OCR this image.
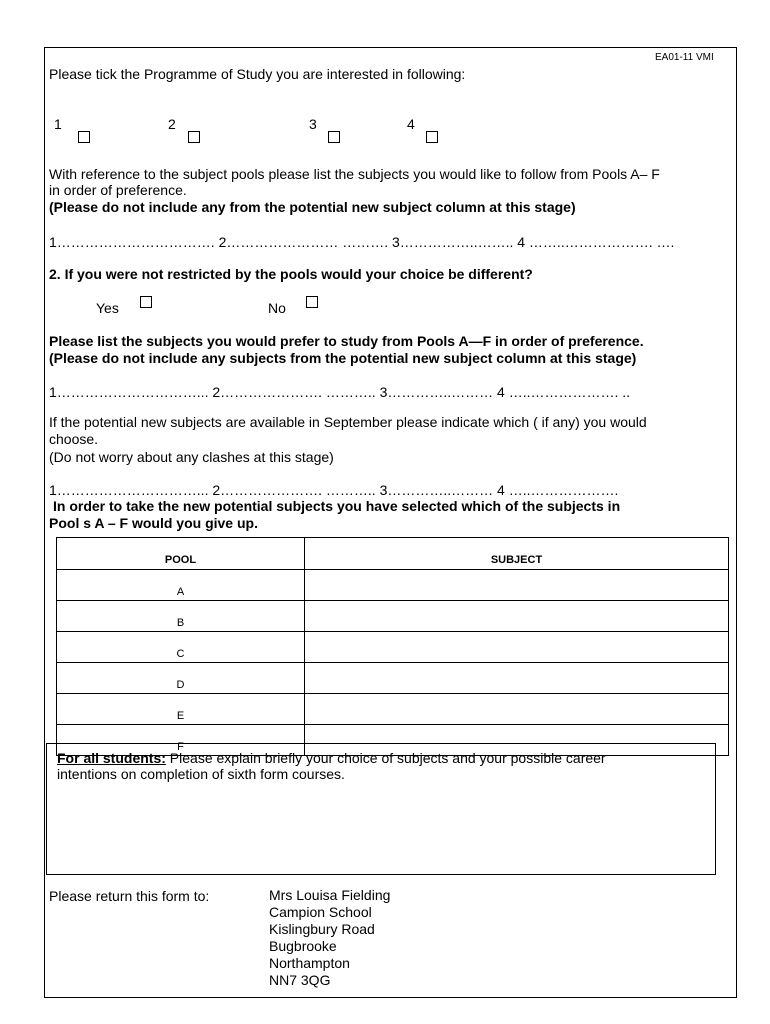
EA01-11 VMI
Please tick the Programme of Study you are interested in following:
1	2	3	4
With reference to the subject pools please list the subjects you would like to follow from Pools A– F
in order of preference.
(Please do not include any from the potential new subject column at this stage)
1……………………………. 2…………………… ………. 3……………..…….. 4 ……..………………. ….
2. If you were not restricted by the pools would your choice be different?
Yes	No
Please list the subjects you would prefer to study from Pools A—F in order of preference.
(Please do not include any subjects from the potential new subject column at this stage)
1…………………………... 2…………………. ……….. 3…………..……… 4 …..………………. ..
If the potential new subjects are available in September please indicate which ( if any) you would
choose.
(Do not worry about any clashes at this stage)
1…………………………... 2…………………. ……….. 3…………..……… 4 …..……………….
In order to take the new potential subjects you have selected which of the subjects in
Pool s A – F would you give up.
POOL	SUBJECT
A	
B	
C	
D	
E	
F	
For all students: Please explain briefly your choice of subjects and your possible career
intentions on completion of sixth form courses.
Please return this form to:	Mrs Louisa Fielding
Campion School
Kislingbury Road
Bugbrooke
Northampton
NN7 3QG
